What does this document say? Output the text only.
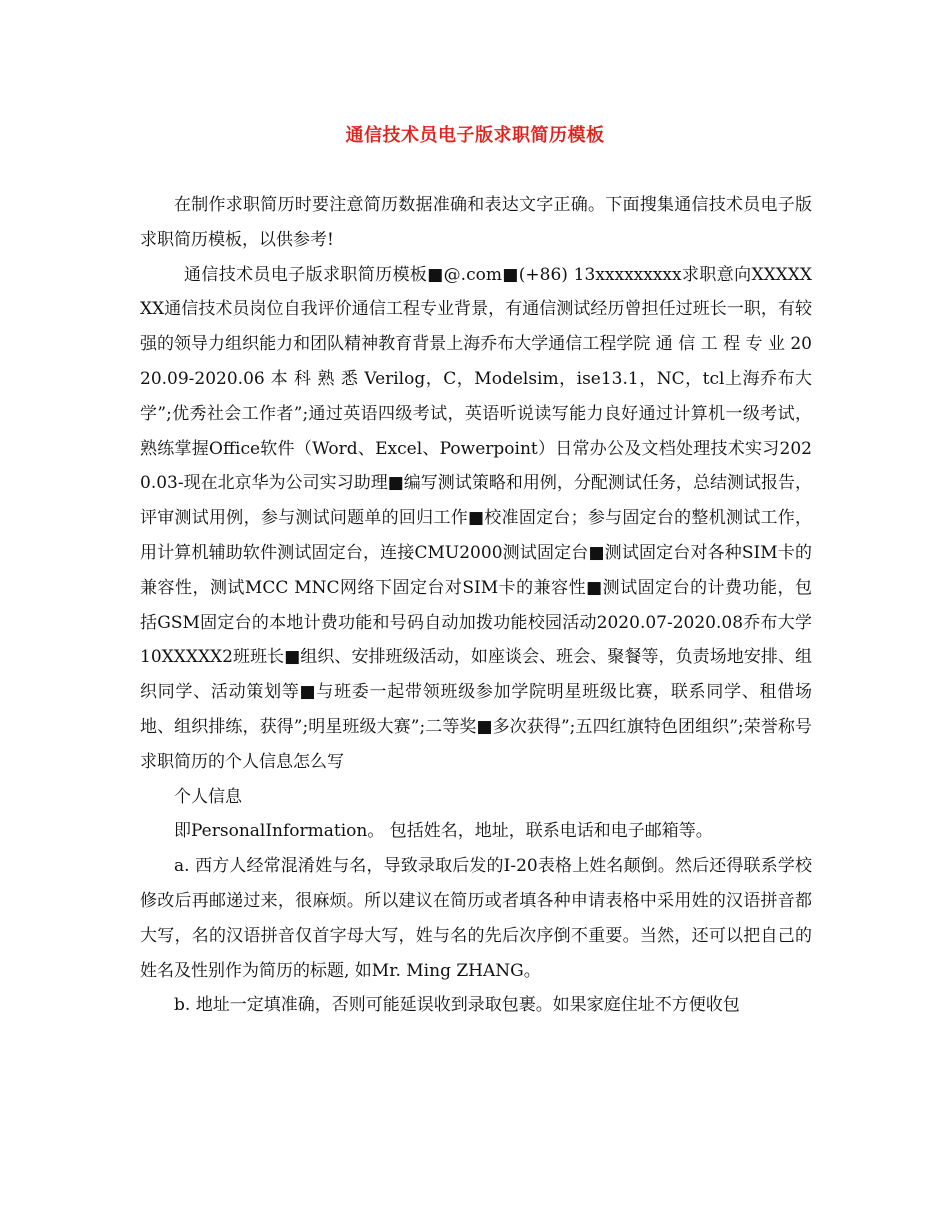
通信技术员电子版求职简历模板

在制作求职简历时要注意简历数据准确和表达文字正确。下面搜集通信技术员电子版求职简历模板，以供参考!

通信技术员电子版求职简历模板■@.com■(+86) 13xxxxxxxxx求职意向XXXXXXX通信技术员岗位自我评价通信工程专业背景，有通信测试经历曾担任过班长一职，有较强的领导力组织能力和团队精神教育背景上海乔布大学通信工程学院 通 信 工 程 专 业 2020.09-2020.06 本 科 熟 悉 Verilog，C，Modelsim，ise13.1，NC，tcl上海乔布大学”;优秀社会工作者”;通过英语四级考试，英语听说读写能力良好通过计算机一级考试，熟练掌握Office软件（Word、Excel、Powerpoint）日常办公及文档处理技术实习2020.03-现在北京华为公司实习助理■编写测试策略和用例，分配测试任务，总结测试报告，评审测试用例，参与测试问题单的回归工作■校准固定台；参与固定台的整机测试工作，用计算机辅助软件测试固定台，连接CMU2000测试固定台■测试固定台对各种SIM卡的兼容性，测试MCC MNC网络下固定台对SIM卡的兼容性■测试固定台的计费功能，包括GSM固定台的本地计费功能和号码自动加拨功能校园活动2020.07-2020.08乔布大学10XXXXX2班班长■组织、安排班级活动，如座谈会、班会、聚餐等，负责场地安排、组织同学、活动策划等■与班委一起带领班级参加学院明星班级比赛，联系同学、租借场地、组织排练，获得”;明星班级大赛”;二等奖■多次获得”;五四红旗特色团组织”;荣誉称号　　求职简历的个人信息怎么写

个人信息

即PersonalInformation。 包括姓名，地址，联系电话和电子邮箱等。

a. 西方人经常混淆姓与名，导致录取后发的I-20表格上姓名颠倒。然后还得联系学校修改后再邮递过来，很麻烦。所以建议在简历或者填各种申请表格中采用姓的汉语拼音都大写，名的汉语拼音仅首字母大写，姓与名的先后次序倒不重要。当然，还可以把自己的姓名及性别作为简历的标题, 如Mr. Ming ZHANG。

b. 地址一定填准确，否则可能延误收到录取包裹。如果家庭住址不方便收包
